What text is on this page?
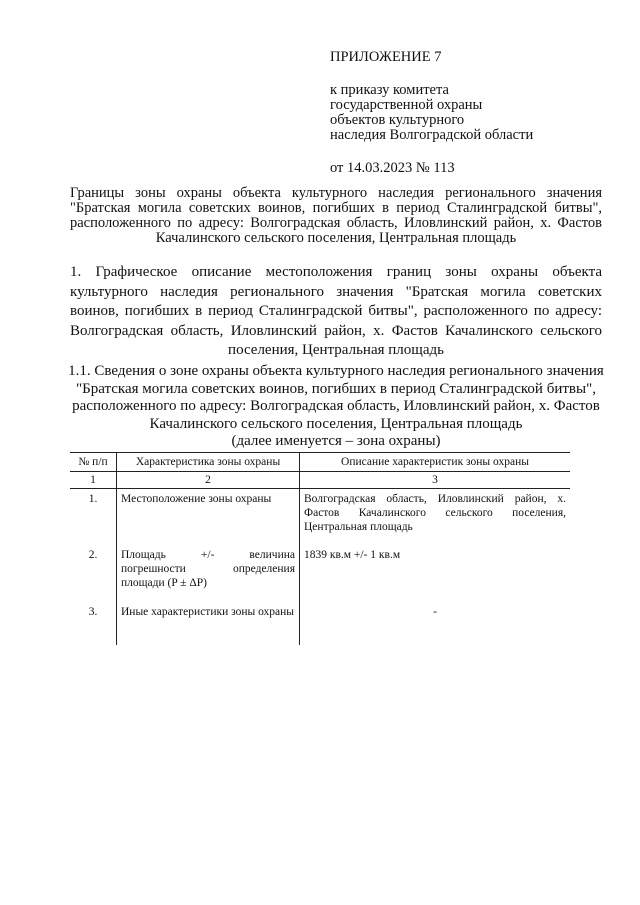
ПРИЛОЖЕНИЕ 7
к приказу комитета
государственной охраны
объектов культурного
наследия Волгоградской области
от 14.03.2023 № 113
Границы зоны охраны объекта культурного наследия регионального значения "Братская могила советских воинов, погибших в период Сталинградской битвы", расположенного по адресу: Волгоградская область, Иловлинский район, х. Фастов Качалинского сельского поселения, Центральная площадь
1. Графическое описание местоположения границ зоны охраны объекта культурного наследия регионального значения "Братская могила советских воинов, погибших в период Сталинградской битвы", расположенного по адресу: Волгоградская область, Иловлинский район, х. Фастов Качалинского сельского поселения, Центральная площадь
1.1. Сведения о зоне охраны объекта культурного наследия регионального значения "Братская могила советских воинов, погибших в период Сталинградской битвы", расположенного по адресу: Волгоградская область, Иловлинский район, х. Фастов Качалинского сельского поселения, Центральная площадь
(далее именуется – зона охраны)
№ п/п	Характеристика зоны охраны	Описание характеристик зоны охраны
1	2	3
1.	Местоположение зоны охраны	Волгоградская область, Иловлинский район, х. Фастов Качалинского сельского поселения, Центральная площадь
2.	Площадь +/- величина погрешности определения площади (P ± ΔP)	1839 кв.м +/- 1 кв.м
3.	Иные характеристики зоны охраны	-
